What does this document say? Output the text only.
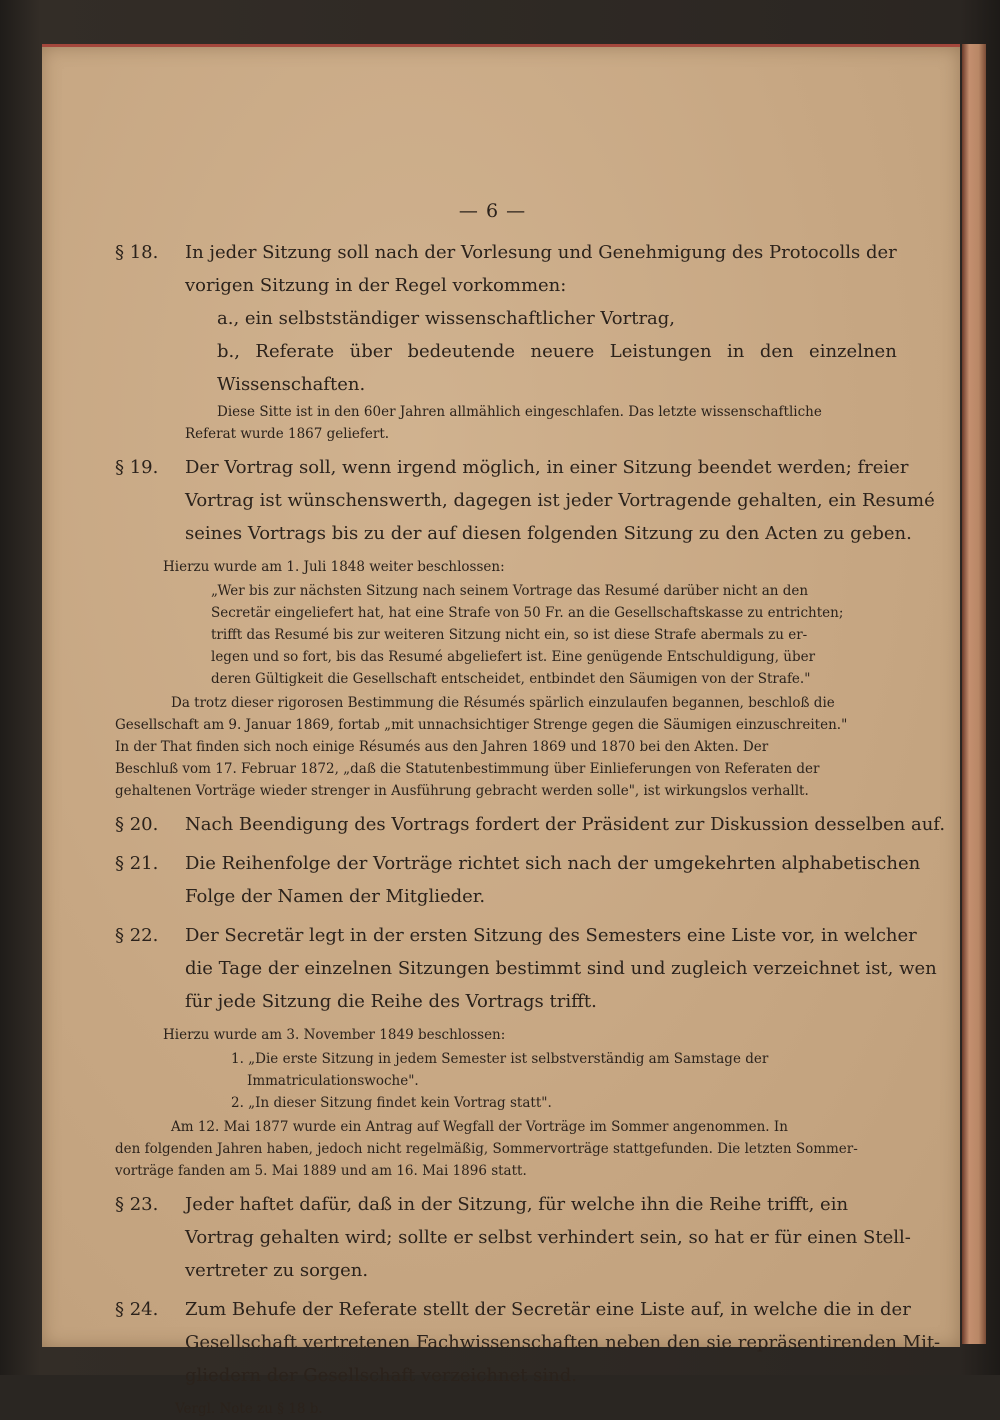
— 6 —
§ 18.	In jeder Sitzung soll nach der Vorlesung und Genehmigung des Protocolls der
vorigen Sitzung in der Regel vorkommen:
a., ein selbstständiger wissenschaftlicher Vortrag,
b., Referate über bedeutende neuere Leistungen in den einzelnen Wissenschaften.
Diese Sitte ist in den 60er Jahren allmählich eingeschlafen. Das letzte wissenschaftliche
Referat wurde 1867 geliefert.
§ 19.	Der Vortrag soll, wenn irgend möglich, in einer Sitzung beendet werden; freier
Vortrag ist wünschenswerth, dagegen ist jeder Vortragende gehalten, ein Resumé
seines Vortrags bis zu der auf diesen folgenden Sitzung zu den Acten zu geben.
Hierzu wurde am 1. Juli 1848 weiter beschlossen:
„Wer bis zur nächsten Sitzung nach seinem Vortrage das Resumé darüber nicht an den
Secretär eingeliefert hat, hat eine Strafe von 50 Fr. an die Gesellschaftskasse zu entrichten;
trifft das Resumé bis zur weiteren Sitzung nicht ein, so ist diese Strafe abermals zu er-
legen und so fort, bis das Resumé abgeliefert ist. Eine genügende Entschuldigung, über
deren Gültigkeit die Gesellschaft entscheidet, entbindet den Säumigen von der Strafe."
Da trotz dieser rigorosen Bestimmung die Résumés spärlich einzulaufen begannen, beschloß die
Gesellschaft am 9. Januar 1869, fortab „mit unnachsichtiger Strenge gegen die Säumigen einzuschreiten."
In der That finden sich noch einige Résumés aus den Jahren 1869 und 1870 bei den Akten. Der
Beschluß vom 17. Februar 1872, „daß die Statutenbestimmung über Einlieferungen von Referaten der
gehaltenen Vorträge wieder strenger in Ausführung gebracht werden solle", ist wirkungslos verhallt.
§ 20.	Nach Beendigung des Vortrags fordert der Präsident zur Diskussion desselben auf.
§ 21.	Die Reihenfolge der Vorträge richtet sich nach der umgekehrten alphabetischen
Folge der Namen der Mitglieder.
§ 22.	Der Secretär legt in der ersten Sitzung des Semesters eine Liste vor, in welcher
die Tage der einzelnen Sitzungen bestimmt sind und zugleich verzeichnet ist, wen
für jede Sitzung die Reihe des Vortrags trifft.
Hierzu wurde am 3. November 1849 beschlossen:
1. „Die erste Sitzung in jedem Semester ist selbstverständig am Samstage der
Immatriculationswoche".
2. „In dieser Sitzung findet kein Vortrag statt".
Am 12. Mai 1877 wurde ein Antrag auf Wegfall der Vorträge im Sommer angenommen. In
den folgenden Jahren haben, jedoch nicht regelmäßig, Sommervorträge stattgefunden. Die letzten Sommer-
vorträge fanden am 5. Mai 1889 und am 16. Mai 1896 statt.
§ 23.	Jeder haftet dafür, daß in der Sitzung, für welche ihn die Reihe trifft, ein
Vortrag gehalten wird; sollte er selbst verhindert sein, so hat er für einen Stell-
vertreter zu sorgen.
§ 24.	Zum Behufe der Referate stellt der Secretär eine Liste auf, in welche die in der
Gesellschaft vertretenen Fachwissenschaften neben den sie repräsentirenden Mit-
gliedern der Gesellschaft verzeichnet sind.
Vergl. Note zu § 18 b.
